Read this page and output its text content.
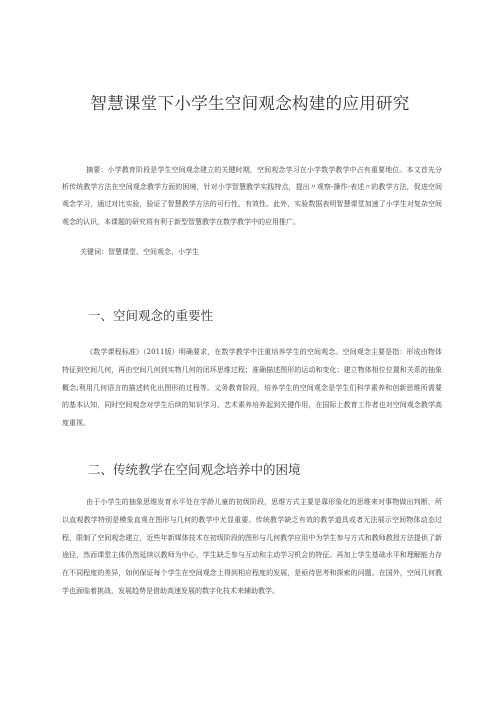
智慧课堂下小学生空间观念构建的应用研究

摘要：小学教育阶段是学生空间观念建立的关键时期，空间观念学习在小学数学教学中占有重要地位。本文首先分析传统教学方法在空间观念教学方面的困境，针对小学智慧教学实践特点，提出〃观察-操作-表述〃的教学方法，促进空间观念学习，通过对比实验，验证了智慧教学方法的可行性、有效性。此外，实验数据表明智慧课堂加速了小学生对复杂空间观念的认识，本课题的研究将有利于新型智慧教学在数学教学中的应用推广。

关键词：智慧课堂、空间观念、小学生

一、空间观念的重要性

《数学课程标准》（2011版）明确要求，在数学教学中注重培养学生的空间观念。空间观念主要是指：形成由物体特征到空间几何，再由空间几何到实物几何的闭环思维过程；准确描述图形的运动和变化；建立物体相位位置和关系的抽象概念;利用几何语言的描述转化出图形的过程等。义务教育阶段，培养学生的空间观念是学生们科学素养和创新思维所需要的基本认知，同时空间观念对学生后续的知识学习、艺术素养培养起到关键作用，在国际上教育工作者也对空间观念教学高度重视。

二、传统教学在空间观念培养中的困境

由于小学生的抽象思维发育水平处在学龄儿童的初级阶段，思维方式主要是靠形象化的思维来对事物做出判断，所以直观教学特别是模象直观在图形与几何的教学中尤显重要。传统教学缺乏有效的教学道具或者无法展示空间物体动态过程，限制了空间观念建立，近些年新媒体技术在初级阶段的图形与几何教学应用中为学生参与方式和教师教授方法提供了新途径，然而课堂主体仍然延续以教师为中心，学生缺乏参与互动和主动学习机会的特征。再加上学生基础水平和理解能力存在不同程度的差异，如何保证每个学生在空间观念上得到相应程度的发展，是亟待思考和探索的问题。在国外，空间几何教学也面临着挑战，发展趋势是借助高速发展的数字化技术来辅助教学。
